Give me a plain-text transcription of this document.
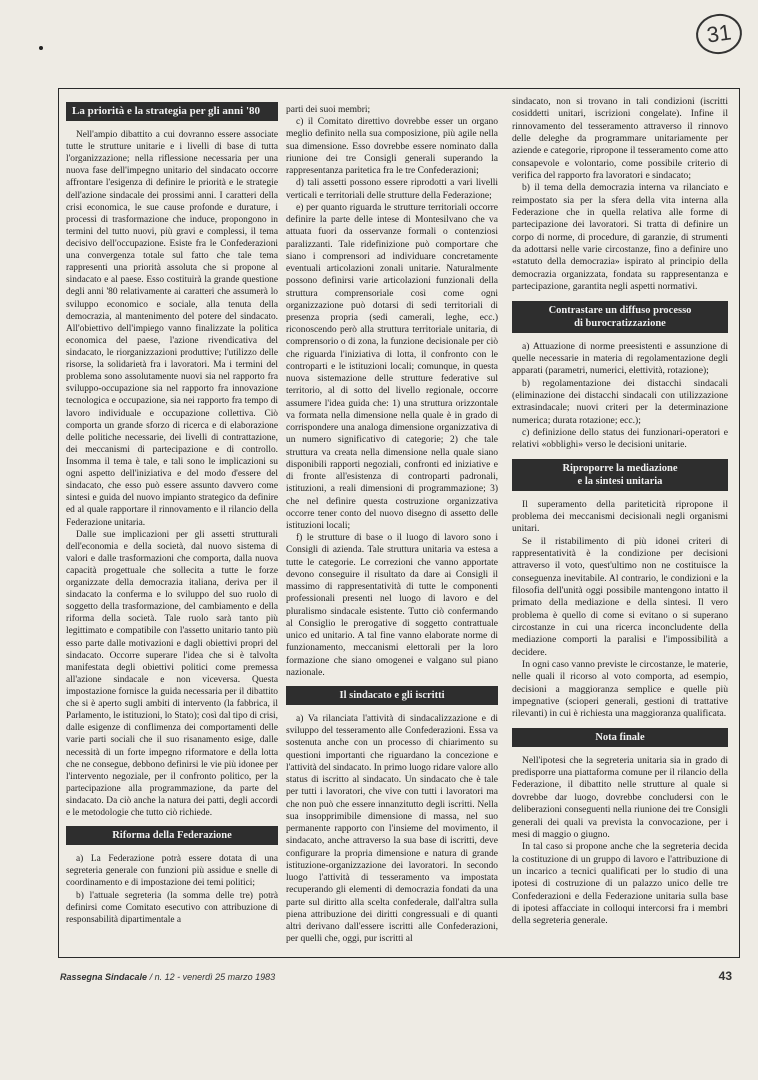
31
La priorità e la strategia per gli anni '80

Nell'ampio dibattito a cui dovranno essere associate tutte le strutture unitarie e i livelli di base di tutta l'organizzazione; nella riflessione necessaria per una nuova fase dell'impegno unitario del sindacato occorre affrontare l'esigenza di definire le priorità e le strategie dell'azione sindacale dei prossimi anni. I caratteri della crisi economica, le sue cause profonde e durature, i processi di trasformazione che induce, propongono in termini del tutto nuovi, più gravi e complessi, il tema decisivo dell'occupazione. Esiste fra le Confederazioni una convergenza totale sul fatto che tale tema rappresenti una priorità assoluta che si propone al sindacato e al paese. Esso costituirà la grande questione degli anni '80 relativamente ai caratteri che assumerà lo sviluppo economico e sociale, alla tenuta della democrazia, al mantenimento del potere del sindacato. All'obiettivo dell'impiego vanno finalizzate la politica economica del paese, l'azione rivendicativa del sindacato, le riorganizzazioni produttive; l'utilizzo delle risorse, la solidarietà fra i lavoratori. Ma i termini del problema sono assolutamente nuovi sia nel rapporto fra sviluppo-occupazione sia nel rapporto fra innovazione tecnologica e occupazione, sia nei rapporto fra tempo di lavoro individuale e occupazione collettiva. Ciò comporta un grande sforzo di ricerca e di elaborazione delle politiche necessarie, dei livelli di contrattazione, dei meccanismi di partecipazione e di controllo. Insomma il tema è tale, e tali sono le implicazioni su ogni aspetto dell'iniziativa e del modo d'essere del sindacato, che esso può essere assunto davvero come sintesi e guida del nuovo impianto strategico da definire ed al quale rapportare il rinnovamento e il rilancio della Federazione unitaria.

Dalle sue implicazioni per gli assetti strutturali dell'economia e della società, dal nuovo sistema di valori e dalle trasformazioni che comporta, dalla nuova capacità progettuale che sollecita a tutte le forze organizzate della democrazia italiana, deriva per il sindacato la conferma e lo sviluppo del suo ruolo di soggetto della trasformazione, del cambiamento e della riforma della società. Tale ruolo sarà tanto più legittimato e compatibile con l'assetto unitario tanto più esso parte dalle motivazioni e dagli obiettivi propri del sindacato. Occorre superare l'idea che si è talvolta manifestata degli obiettivi politici come premessa all'azione sindacale e non viceversa. Questa impostazione fornisce la guida necessaria per il dibattito che si è aperto sugli ambiti di intervento (la fabbrica, il Parlamento, le istituzioni, lo Stato); così dal tipo di crisi, dalle esigenze di conflimenza dei comportamenti delle varie parti sociali che il suo risanamento esige, dalle necessità di un forte impegno riformatore e della lotta che ne consegue, debbono definirsi le vie più idonee per l'intervento negoziale, per il confronto politico, per la partecipazione alla programmazione, da parte del sindacato. Da ciò anche la natura dei patti, degli accordi e le metodologie che tutto ciò richiede.

Riforma della Federazione

a) La Federazione potrà essere dotata di una segreteria generale con funzioni più assidue e snelle di coordinamento e di impostazione dei temi politici;

b) l'attuale segreteria (la somma delle tre) potrà definirsi come Comitato esecutivo con attribuzione di responsabilità dipartimentale a

parti dei suoi membri;

c) il Comitato direttivo dovrebbe esser un organo meglio definito nella sua composizione, più agile nella sua dimensione. Esso dovrebbe essere nominato dalla riunione dei tre Consigli generali superando la rappresentanza paritetica fra le tre Confederazioni;

d) tali assetti possono essere riprodotti a vari livelli verticali e territoriali delle strutture della Federazione;

e) per quanto riguarda le strutture territoriali occorre definire la parte delle intese di Montesilvano che va attuata fuori da osservanze formali o contenziosi paralizzanti. Tale ridefinizione può comportare che siano i comprensori ad individuare concretamente eventuali articolazioni zonali unitarie. Naturalmente possono definirsi varie articolazioni funzionali della struttura comprensoriale così come ogni organizzazione può dotarsi di sedi territoriali di presenza propria (sedi camerali, leghe, ecc.) riconoscendo però alla struttura territoriale unitaria, di comprensorio o di zona, la funzione decisionale per ciò che riguarda l'iniziativa di lotta, il confronto con le controparti e le istituzioni locali; comunque, in questa nuova sistemazione delle strutture federative sul territorio, al di sotto del livello regionale, occorre assumere l'idea guida che: 1) una struttura orizzontale va formata nella dimensione nella quale è in grado di corrispondere una analoga dimensione organizzativa di un numero significativo di categorie; 2) che tale struttura va creata nella dimensione nella quale siano disponibili rapporti negoziali, confronti ed iniziative e di fronte all'esistenza di controparti padronali, istituzioni, a reali dimensioni di programmazione; 3) che nel definire questa costruzione organizzativa occorre tener conto del nuovo disegno di assetto delle istituzioni locali;

f) le strutture di base o il luogo di lavoro sono i Consigli di azienda. Tale struttura unitaria va estesa a tutte le categorie. Le correzioni che vanno apportate devono conseguire il risultato da dare ai Consigli il massimo di rappresentatività di tutte le componenti professionali presenti nel luogo di lavoro e del pluralismo sindacale esistente. Tutto ciò confermando al Consiglio le prerogative di soggetto contrattuale unico ed unitario. A tal fine vanno elaborate norme di funzionamento, meccanismi elettorali per la loro formazione che siano omogenei e valgano sul piano nazionale.

Il sindacato e gli iscritti

a) Va rilanciata l'attività di sindacalizzazione e di sviluppo del tesseramento alle Confederazioni. Essa va sostenuta anche con un processo di chiarimento su questioni importanti che riguardano la concezione e l'attività del sindacato. In primo luogo ridare valore allo status di iscritto al sindacato. Un sindacato che è tale per tutti i lavoratori, che vive con tutti i lavoratori ma che non può che essere innanzitutto degli iscritti. Nella sua insopprimibile dimensione di massa, nel suo permanente rapporto con l'insieme del movimento, il sindacato, anche attraverso la sua base di iscritti, deve configurare la propria dimensione e natura di grande istituzione-organizzazione dei lavoratori. In secondo luogo l'attività di tesseramento va impostata recuperando gli elementi di democrazia fondati da una parte sul diritto alla scelta confederale, dall'altra sulla piena attribuzione dei diritti congressuali e di quanti altri derivano dall'essere iscritti alle Confederazioni, per quelli che, oggi, pur iscritti al

sindacato, non si trovano in tali condizioni (iscritti cosiddetti unitari, iscrizioni congelate). Infine il rinnovamento del tesseramento attraverso il rinnovo delle deleghe da programmare unitariamente per aziende e categorie, ripropone il tesseramento come atto consapevole e volontario, come possibile criterio di verifica del rapporto fra lavoratori e sindacato;

b) il tema della democrazia interna va rilanciato e reimpostato sia per la sfera della vita interna alla Federazione che in quella relativa alle forme di partecipazione dei lavoratori. Si tratta di definire un corpo di norme, di procedure, di garanzie, di strumenti da adottarsi nelle varie circostanze, fino a definire uno «statuto della democrazia» ispirato al principio della democrazia organizzata, fondata su rappresentanza e partecipazione, garantita negli aspetti normativi.

Contrastare un diffuso processo
di burocratizzazione

a) Attuazione di norme preesistenti e assunzione di quelle necessarie in materia di regolamentazione degli apparati (parametri, numerici, elettività, rotazione);

b) regolamentazione dei distacchi sindacali (eliminazione dei distacchi sindacali con utilizzazione extrasindacale; nuovi criteri per la determinazione numerica; durata rotazione; ecc.);

c) definizione dello status dei funzionari-operatori e relativi «obblighi» verso le decisioni unitarie.

Riproporre la mediazione
e la sintesi unitaria

Il superamento della pariteticità ripropone il problema dei meccanismi decisionali negli organismi unitari.

Se il ristabilimento di più idonei criteri di rappresentatività è la condizione per decisioni attraverso il voto, quest'ultimo non ne costituisce la conseguenza inevitabile. Al contrario, le condizioni e la filosofia dell'unità oggi possibile mantengono intatto il primato della mediazione e della sintesi. Il vero problema è quello di come si evitano o si superano circostanze in cui una ricerca inconcludente della mediazione comporti la paralisi e l'impossibilità a decidere.

In ogni caso vanno previste le circostanze, le materie, nelle quali il ricorso al voto comporta, ad esempio, decisioni a maggioranza semplice e quelle più impegnative (scioperi generali, gestioni di trattative rilevanti) in cui è richiesta una maggioranza qualificata.

Nota finale

Nell'ipotesi che la segreteria unitaria sia in grado di predisporre una piattaforma comune per il rilancio della Federazione, il dibattito nelle strutture al quale si dovrebbe dar luogo, dovrebbe concludersi con le deliberazioni conseguenti nella riunione dei tre Consigli generali dei quali va prevista la convocazione, per i mesi di maggio o giugno.

In tal caso si propone anche che la segreteria decida la costituzione di un gruppo di lavoro e l'attribuzione di un incarico a tecnici qualificati per lo studio di una ipotesi di costruzione di un palazzo unico delle tre Confederazioni e della Federazione unitaria sulla base di ipotesi affacciate in colloqui intercorsi fra i membri della segreteria generale.

Rassegna Sindacale / n. 12 - venerdì 25 marzo 1983	43
